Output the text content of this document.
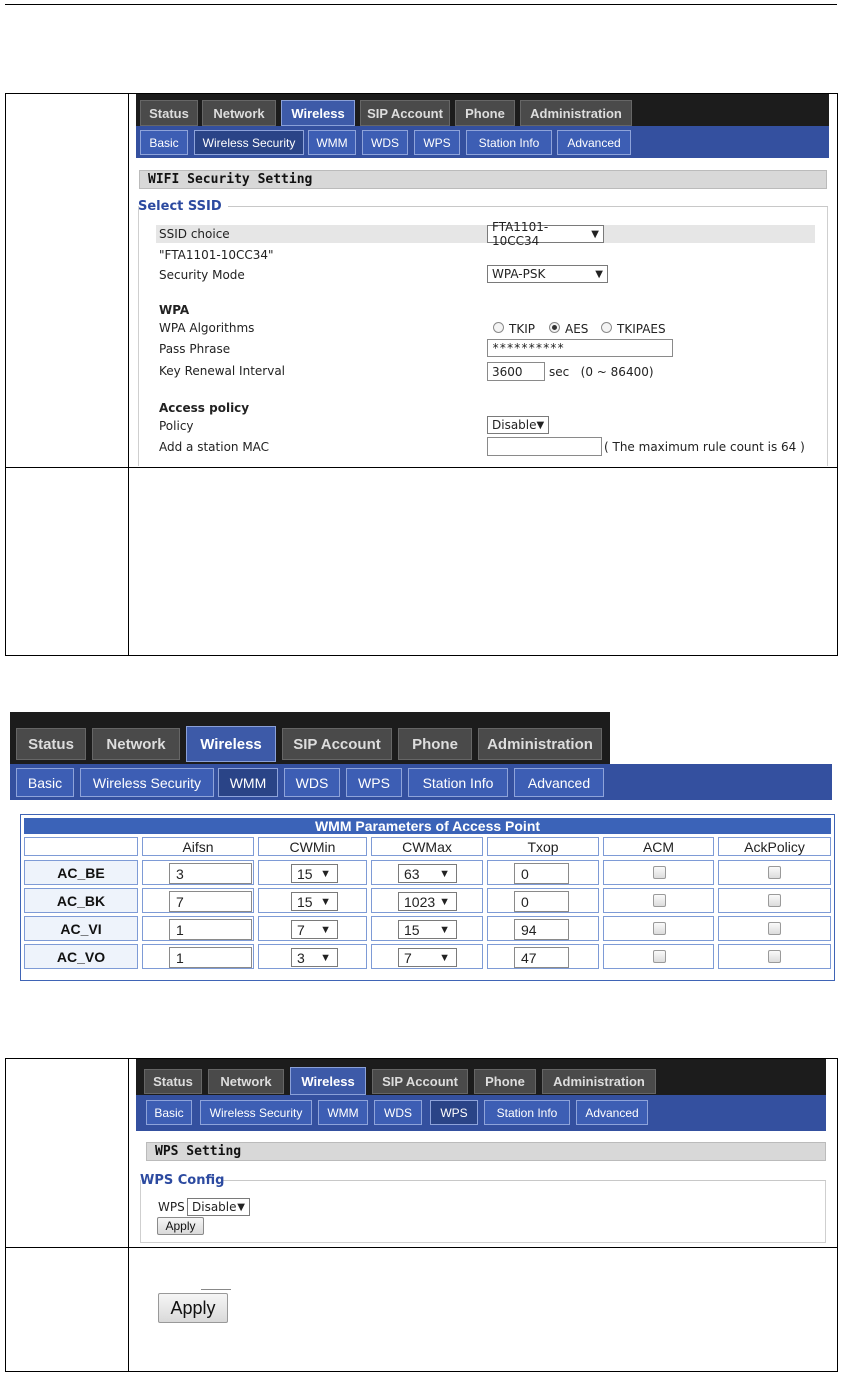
Status	Network	Wireless	SIP Account	Phone	Administration
Basic	Wireless Security	WMM	WDS	WPS	Station Info	Advanced
WIFI Security Setting
Select SSID
SSID choice	FTA1101-10CC34	▼
"FTA1101-10CC34"
Security Mode	WPA-PSK	▼
WPA
WPA Algorithms	TKIP	AES TKIPAES
Pass Phrase	**********
Key Renewal Interval	3600	sec   (0 ~ 86400)
Access policy
Policy	Disable ▼
Add a station MAC	( The maximum rule count is 64 )
Status	Network	Wireless	SIP Account	Phone	Administration
Basic	Wireless Security	WMM	WDS	WPS	Station Info	Advanced
WMM Parameters of Access Point
Aifsn	CWMin	CWMax	Txop	ACM	AckPolicy
AC_BE	3	15 ▼	63 ▼	0
AC_BK	7	15 ▼	1023 ▼	0
AC_VI	1	7 ▼	15 ▼	94
AC_VO	1	3 ▼	7 ▼	47
Status	Network	Wireless	SIP Account	Phone	Administration
Basic	Wireless Security	WMM	WDS	WPS	Station Info	Advanced
WPS Setting
WPS Config
WPS Disable ▼
Apply
Apply
